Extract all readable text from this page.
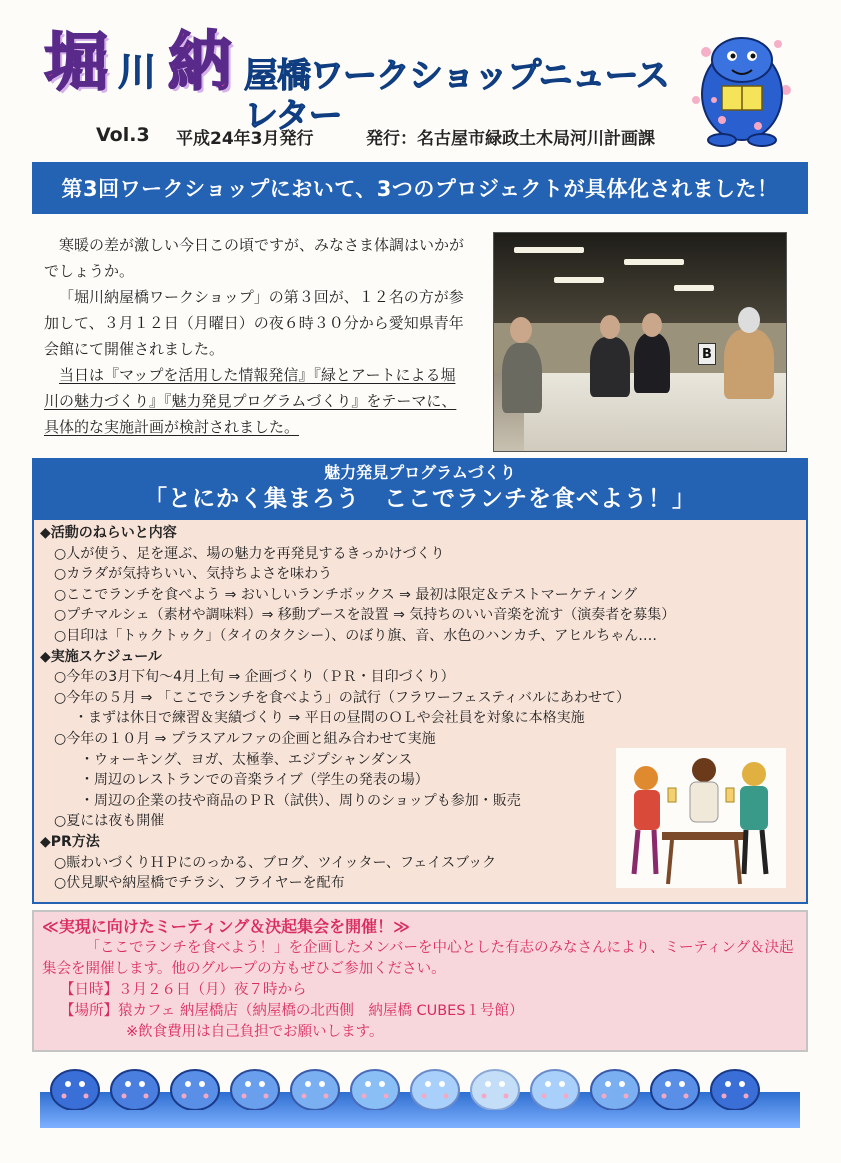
堀 川 納 屋橋ワークショップニュースレター
Vol.3 平成24年3月発行	発行：名古屋市緑政土木局河川計画課
第3回ワークショップにおいて、3つのプロジェクトが具体化されました！

寒暖の差が激しい今日この頃ですが、みなさま体調はいかがでしょうか。

「堀川納屋橋ワークショップ」の第３回が、１２名の方が参加して、３月１２日（月曜日）の夜６時３０分から愛知県青年会館にて開催されました。

当日は『マップを活用した情報発信』『緑とアートによる堀川の魅力づくり』『魅力発見プログラムづくり』をテーマに、具体的な実施計画が検討されました。

B
魅力発見プログラムづくり
「とにかく集まろう　ここでランチを食べよう！」
◆活動のねらいと内容
○人が使う、足を運ぶ、場の魅力を再発見するきっかけづくり
○カラダが気持ちいい、気持ちよさを味わう
○ここでランチを食べよう ⇒ おいしいランチボックス ⇒ 最初は限定＆テストマーケティング
○プチマルシェ（素材や調味料）⇒ 移動ブースを設置 ⇒ 気持ちのいい音楽を流す（演奏者を募集）
○目印は「トゥクトゥク」（タイのタクシー）、のぼり旗、音、水色のハンカチ、アヒルちゃん‥‥
◆実施スケジュール
○今年の3月下旬～4月上旬 ⇒ 企画づくり（ＰＲ・目印づくり）
○今年の５月 ⇒ 「ここでランチを食べよう」の試行（フラワーフェスティバルにあわせて）
・まずは休日で練習＆実績づくり ⇒ 平日の昼間のＯＬや会社員を対象に本格実施
○今年の１０月 ⇒ プラスアルファの企画と組み合わせて実施
・ウォーキング、ヨガ、太極拳、エジプシャンダンス
・周辺のレストランでの音楽ライブ（学生の発表の場）
・周辺の企業の技や商品のＰＲ（試供）、周りのショップも参加・販売
○夏には夜も開催
◆PR方法
○賑わいづくりＨＰにのっかる、ブログ、ツイッター、フェイスブック
○伏見駅や納屋橋でチラシ、フライヤーを配布
≪実現に向けたミーティング＆決起集会を開催！≫
「ここでランチを食べよう！」を企画したメンバーを中心とした有志のみなさんにより、ミーティング＆決起集会を開催します。他のグループの方もぜひご参加ください。
【日時】３月２６日（月）夜７時から
【場所】猿カフェ 納屋橋店（納屋橋の北西側　納屋橋 CUBES１号館）
※飲食費用は自己負担でお願いします。
